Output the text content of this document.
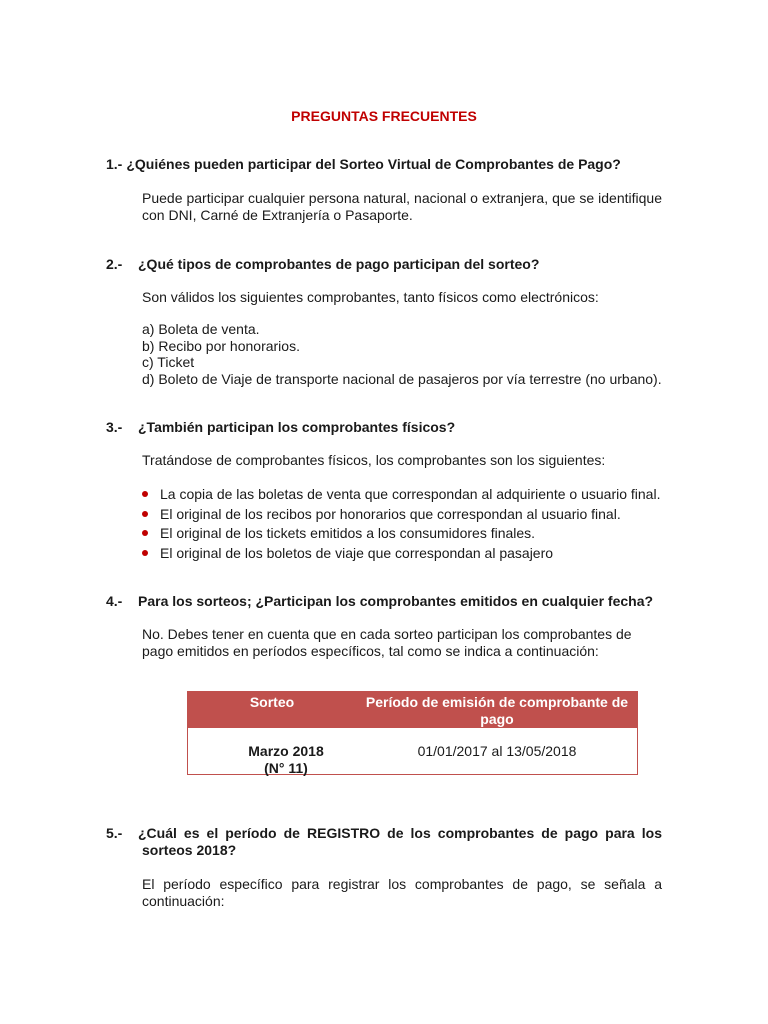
PREGUNTAS FRECUENTES
1.- ¿Quiénes pueden participar del Sorteo Virtual de Comprobantes de Pago?
Puede participar cualquier persona natural, nacional o extranjera, que se identifique con DNI, Carné de Extranjería o Pasaporte.
2.- ¿Qué tipos de comprobantes de pago participan del sorteo?
Son válidos los siguientes comprobantes, tanto físicos como electrónicos:
a) Boleta de venta.
b) Recibo por honorarios.
c) Ticket
d) Boleto de Viaje de transporte nacional de pasajeros por vía terrestre (no urbano).
3.- ¿También participan los comprobantes físicos?
Tratándose de comprobantes físicos, los comprobantes son los siguientes:
La copia de las boletas de venta que correspondan al adquiriente o usuario final.
El original de los recibos por honorarios que correspondan al usuario final.
El original de los tickets emitidos a los consumidores finales.
El original de los boletos de viaje que correspondan al pasajero
4.- Para los sorteos; ¿Participan los comprobantes emitidos en cualquier fecha?
No. Debes tener en cuenta que en cada sorteo participan los comprobantes de pago emitidos en períodos específicos, tal como se indica a continuación:
Sorteo	Período de emisión de comprobante de pago
Marzo 2018
(N° 11)
01/01/2017 al 13/05/2018
5.- ¿Cuál es el período de REGISTRO de los comprobantes de pago para los
sorteos 2018?
El período específico para registrar los comprobantes de pago, se señala a continuación:
